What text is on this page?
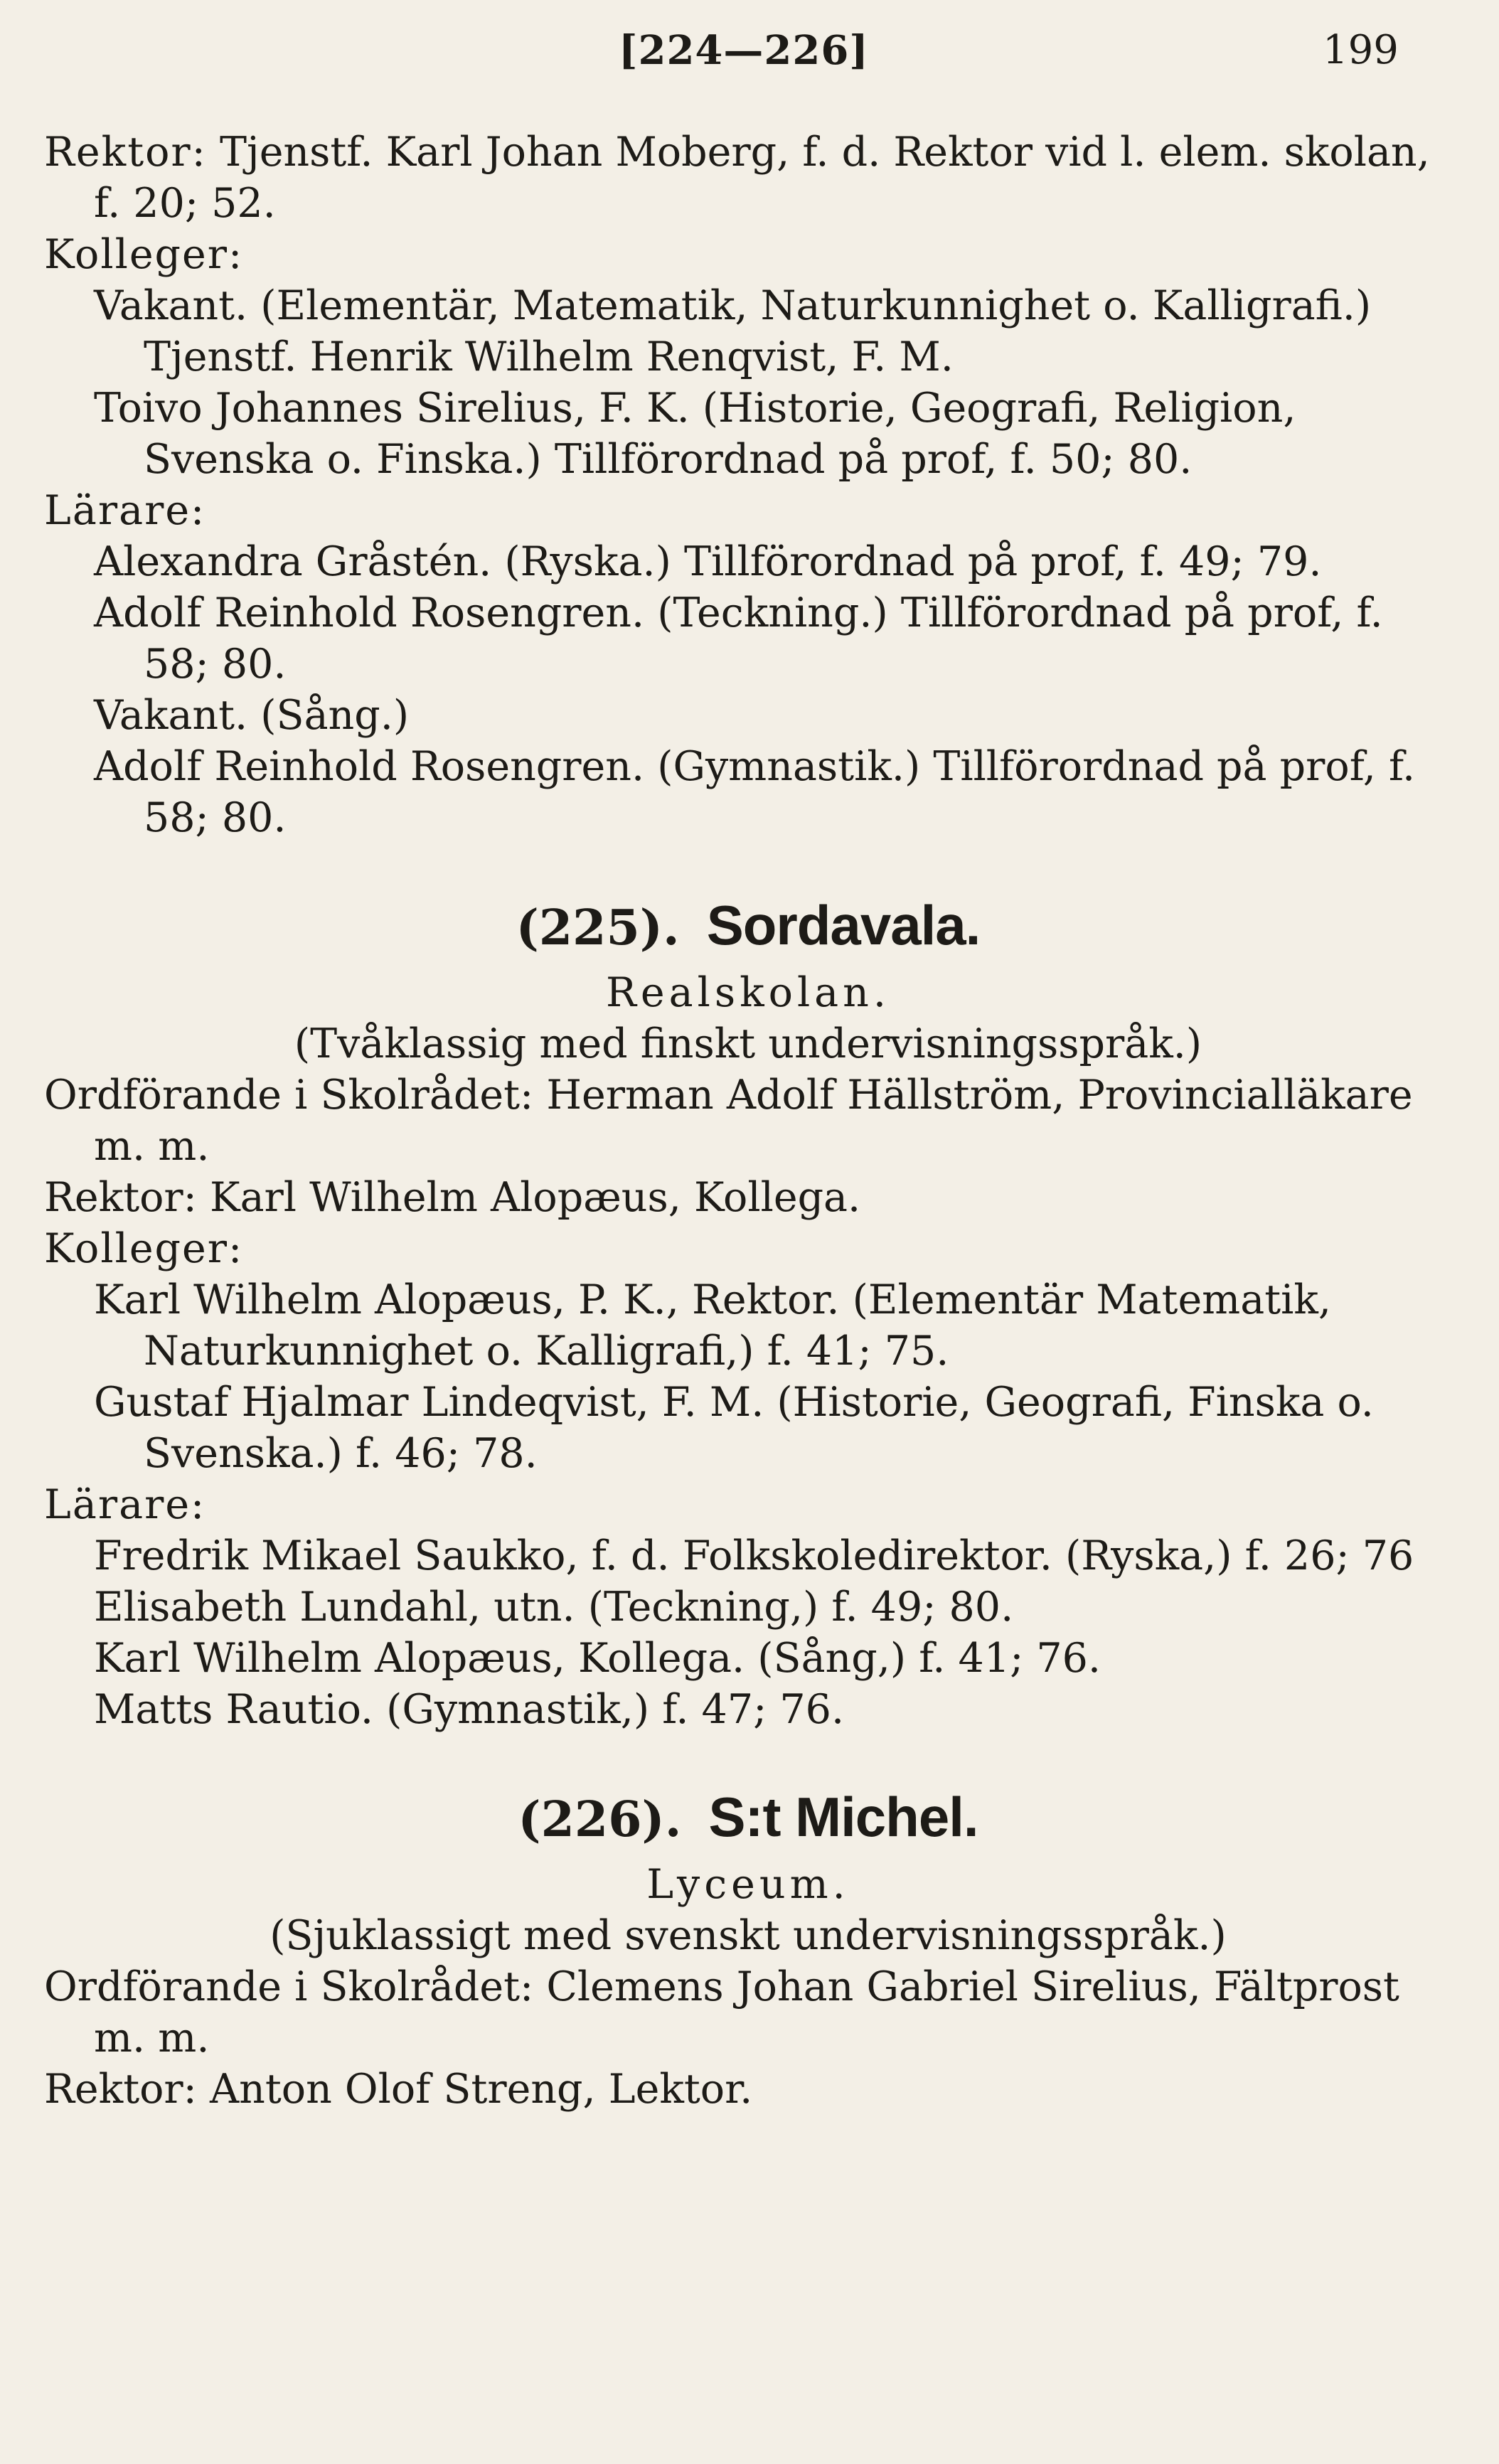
[224—226]	199
Rektor: Tjenstf. Karl Johan Moberg, f. d. Rektor vid l. elem. skolan, f. 20; 52.
Kolleger:
Vakant. (Elementär, Matematik, Naturkunnighet o. Kalligrafi.) Tjenstf. Henrik Wilhelm Renqvist, F. M.
Toivo Johannes Sirelius, F. K. (Historie, Geografi, Religion, Svenska o. Finska.) Tillförordnad på prof, f. 50; 80.
Lärare:
Alexandra Gråstén. (Ryska.) Tillförordnad på prof, f. 49; 79.
Adolf Reinhold Rosengren. (Teckning.) Tillförordnad på prof, f. 58; 80.
Vakant. (Sång.)
Adolf Reinhold Rosengren. (Gymnastik.) Tillförordnad på prof, f. 58; 80.
(225). Sordavala.
Realskolan.
(Tvåklassig med finskt undervisningsspråk.)
Ordförande i Skolrådet: Herman Adolf Hällström, Provincialläkare m. m.
Rektor: Karl Wilhelm Alopæus, Kollega.
Kolleger:
Karl Wilhelm Alopæus, P. K., Rektor. (Elementär Matematik, Naturkunnighet o. Kalligrafi,) f. 41; 75.
Gustaf Hjalmar Lindeqvist, F. M. (Historie, Geografi, Finska o. Svenska.) f. 46; 78.
Lärare:
Fredrik Mikael Saukko, f. d. Folkskoledirektor. (Ryska,) f. 26; 76
Elisabeth Lundahl, utn. (Teckning,) f. 49; 80.
Karl Wilhelm Alopæus, Kollega. (Sång,) f. 41; 76.
Matts Rautio. (Gymnastik,) f. 47; 76.
(226). S:t Michel.
Lyceum.
(Sjuklassigt med svenskt undervisningsspråk.)
Ordförande i Skolrådet: Clemens Johan Gabriel Sirelius, Fältprost m. m.
Rektor: Anton Olof Streng, Lektor.
